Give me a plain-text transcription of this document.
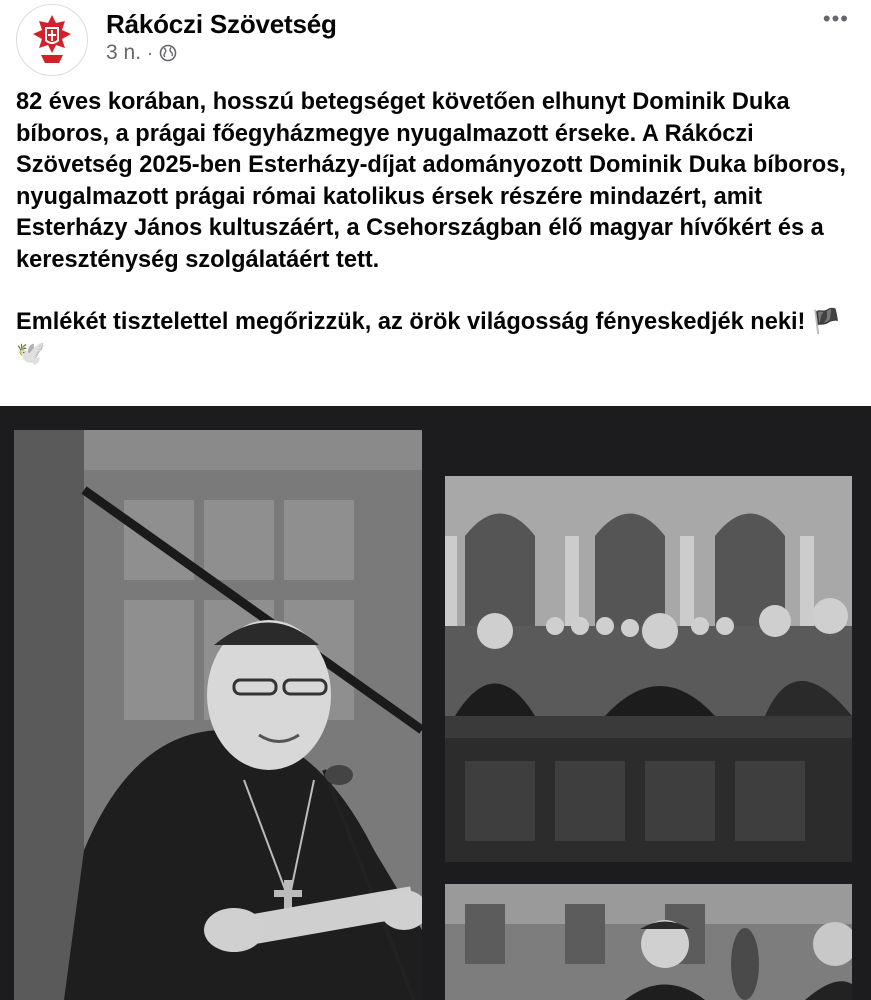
Rákóczi Szövetség
3 n. ·
•••

82 éves korában, hosszú betegséget követően elhunyt Dominik Duka bíboros, a prágai főegyházmegye nyugalmazott érseke. A Rákóczi Szövetség 2025-ben Esterházy-díjat adományozott Dominik Duka bíboros, nyugalmazott prágai római katolikus érsek részére mindazért, amit Esterházy János kultuszáért, a Csehországban élő magyar hívőkért és a kereszténység szolgálatáért tett.

Emlékét tisztelettel megőrizzük, az örök világosság fényeskedjék neki! 🏴🕊️
